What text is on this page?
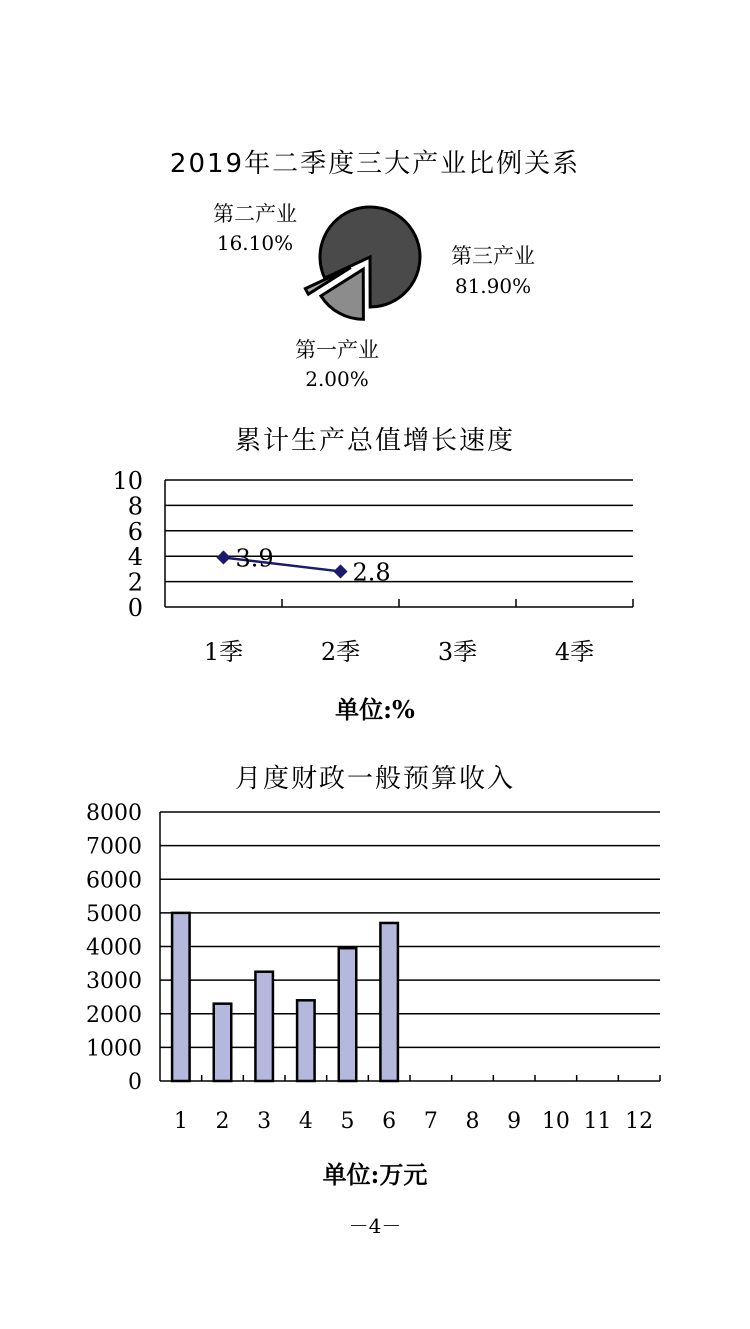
2019年二季度三大产业比例关系
第三产业
81.90%
第二产业
16.10%
第一产业
2.00%
累计生产总值增长速度
0
2
4
6
8
10
1季	2季	3季	4季
3.9	2.8
单位:%
月度财政一般预算收入
0
1000
2000
3000
4000
5000
6000
7000
8000
1 2 3 4 5 6 7 8 9 10 11 12
单位:万元
－4－
